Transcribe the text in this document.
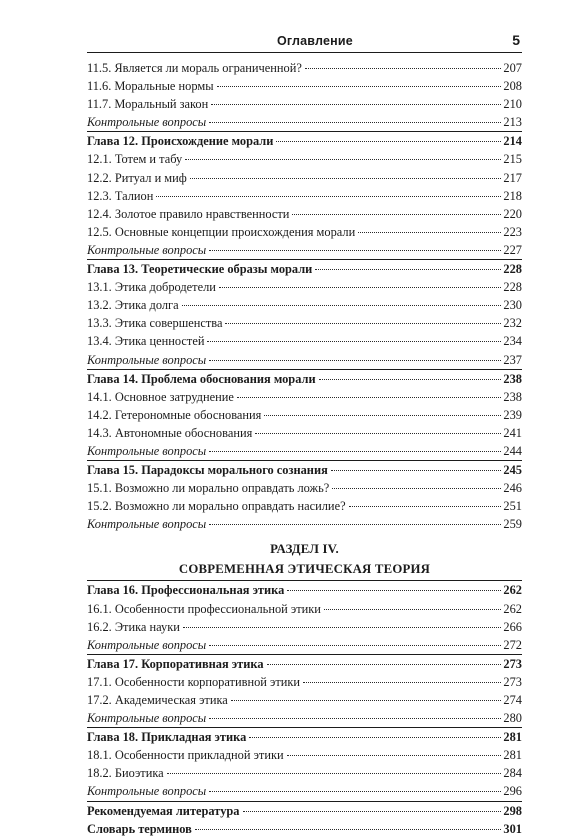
Оглавление	5
11.5. Является ли мораль ограниченной?	207
11.6. Моральные нормы	208
11.7. Моральный закон	210
Контрольные вопросы	213
Глава 12. Происхождение морали	214
12.1. Тотем и табу	215
12.2. Ритуал и миф	217
12.3. Талион	218
12.4. Золотое правило нравственности	220
12.5. Основные концепции происхождения морали	223
Контрольные вопросы	227
Глава 13. Теоретические образы морали	228
13.1. Этика добродетели	228
13.2. Этика долга	230
13.3. Этика совершенства	232
13.4. Этика ценностей	234
Контрольные вопросы	237
Глава 14. Проблема обоснования морали	238
14.1. Основное затруднение	238
14.2. Гетерономные обоснования	239
14.3. Автономные обоснования	241
Контрольные вопросы	244
Глава 15. Парадоксы морального сознания	245
15.1. Возможно ли морально оправдать ложь?	246
15.2. Возможно ли морально оправдать насилие?	251
Контрольные вопросы	259
РАЗДЕЛ IV.
СОВРЕМЕННАЯ ЭТИЧЕСКАЯ ТЕОРИЯ
Глава 16. Профессиональная этика	262
16.1. Особенности профессиональной этики	262
16.2. Этика науки	266
Контрольные вопросы	272
Глава 17. Корпоративная этика	273
17.1. Особенности корпоративной этики	273
17.2. Академическая этика	274
Контрольные вопросы	280
Глава 18. Прикладная этика	281
18.1. Особенности прикладной этики	281
18.2. Биоэтика	284
Контрольные вопросы	296
Рекомендуемая литература	298
Словарь терминов	301
